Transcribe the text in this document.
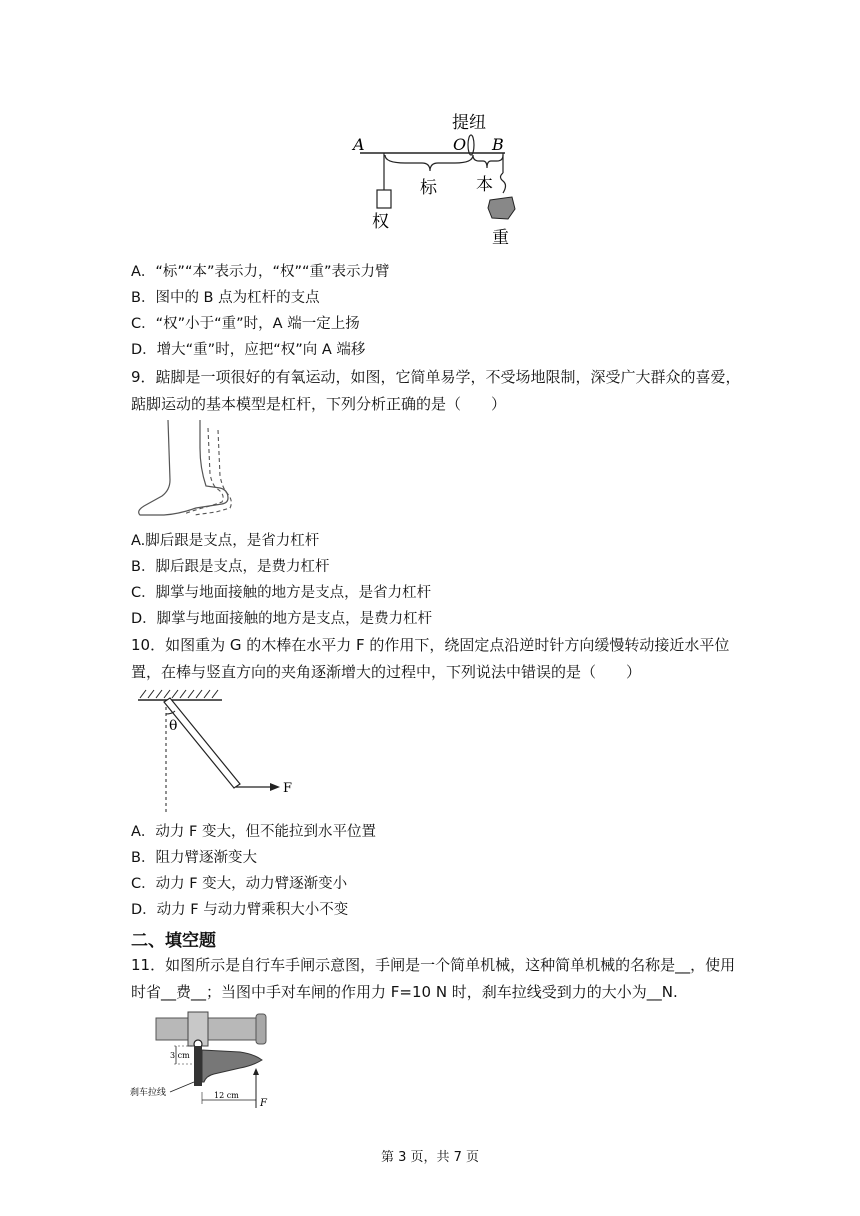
提纽
A	O B
标 本
权
重
A．“标”“本”表示力，“权”“重”表示力臂
B．图中的 B 点为杠杆的支点
C．“权”小于“重”时，A 端一定上扬
D．增大“重”时，应把“权”向 A 端移
9．踮脚是一项很好的有氧运动，如图，它简单易学，不受场地限制，深受广大群众的喜爱，
踮脚运动的基本模型是杠杆，下列分析正确的是（　　）
A.脚后跟是支点，是省力杠杆
B．脚后跟是支点，是费力杠杆
C．脚掌与地面接触的地方是支点，是省力杠杆
D．脚掌与地面接触的地方是支点，是费力杠杆
10．如图重为 G 的木棒在水平力 F 的作用下，绕固定点沿逆时针方向缓慢转动接近水平位
置，在棒与竖直方向的夹角逐渐增大的过程中，下列说法中错误的是（　　）
θ
F
A．动力 F 变大，但不能拉到水平位置
B．阻力臂逐渐变大
C．动力 F 变大，动力臂逐渐变小
D．动力 F 与动力臂乘积大小不变
二、填空题
11．如图所示是自行车手闸示意图，手闸是一个简单机械，这种简单机械的名称是__，使用
时省__费__；当图中手对车闸的作用力 F=10 N 时，刹车拉线受到力的大小为__N.
3 cm
刹车拉线	12 cm
F
第 3 页，共 7 页
